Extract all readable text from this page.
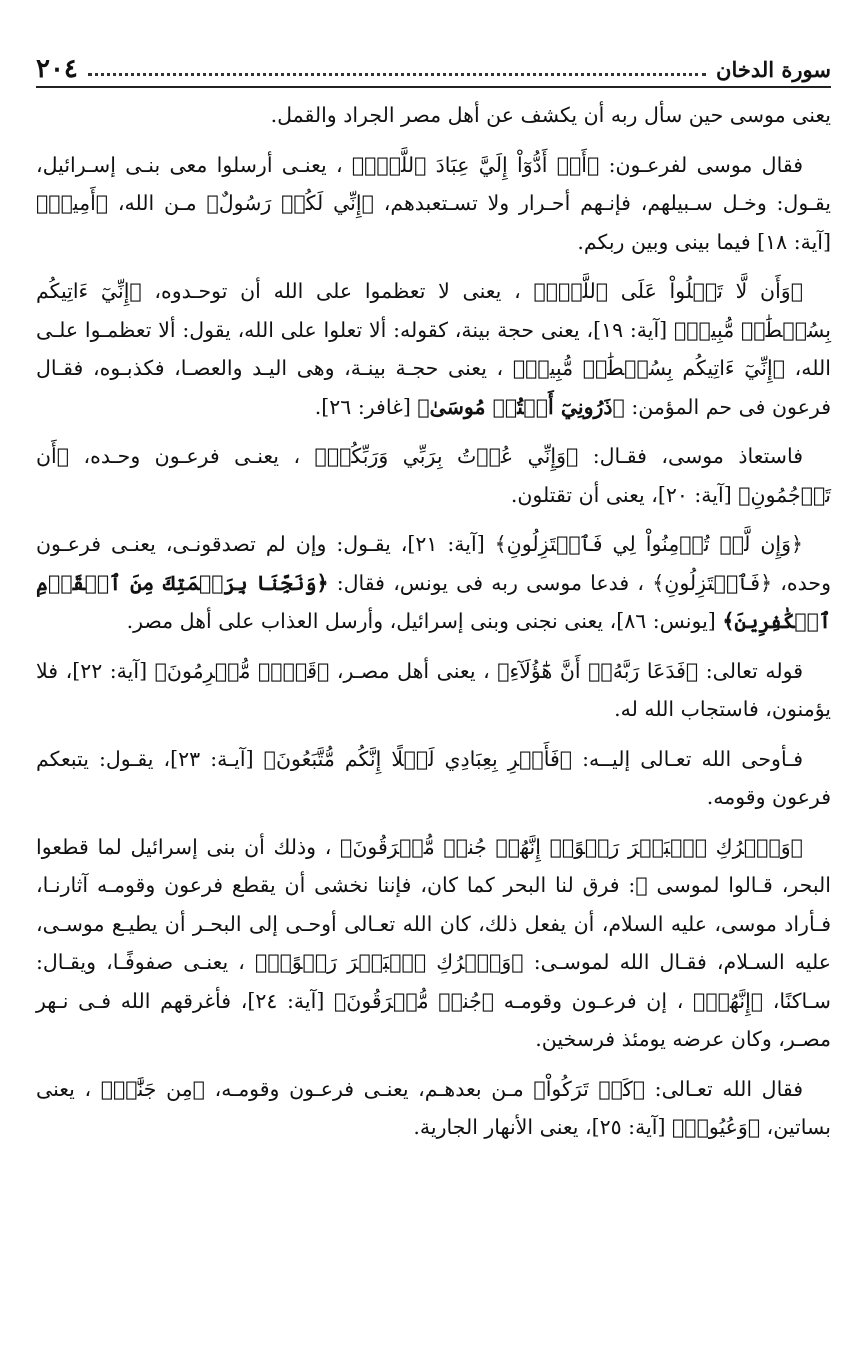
سورة الدخان
٢٠٤

يعنى موسى حين سأل ربه أن يكشف عن أهل مصر الجراد والقمل.

فقال موسى لفرعـون: ﴿أَنۡ أَدُّوٓاْ إِلَيَّ عِبَادَ ٱللَّهِۖ﴾ ، يعنـى أرسلوا معى بنـى إسـرائيل، يقـول: وخـل سـبيلهم، فإنـهم أحـرار ولا تسـتعبدهم، ﴿إِنِّي لَكُمۡ رَسُولٌ﴾ مـن الله، ﴿أَمِينٞ﴾ [آية: ١٨] فيما بينى وبين ربكم.

﴿وَأَن لَّا تَعۡلُواْ عَلَى ٱللَّهِۖ﴾ ، يعنى لا تعظموا على الله أن توحـدوه، ﴿إِنِّيٓ ءَاتِيكُم بِسُلۡطَٰنٖ مُّبِينٖ﴾ [آية: ١٩]، يعنى حجة بينة، كقوله: ألا تعلوا على الله، يقول: ألا تعظمـوا علـى الله، ﴿إِنِّيٓ ءَاتِيكُم بِسُلۡطَٰنٖ مُّبِينٖ﴾ ، يعنى حجـة بينـة، وهى اليـد والعصـا، فكذبـوه، فقـال فرعون فى حم المؤمن: ﴿ذَرُونِيٓ أَقۡتُلۡ مُوسَىٰ﴾ [غافر: ٢٦].

فاستعاذ موسى، فقـال: ﴿وَإِنِّي عُذۡتُ بِرَبِّي وَرَبِّكُمۡ﴾ ، يعنـى فرعـون وحـده، ﴿أَن تَرۡجُمُونِ﴾ [آية: ٢٠]، يعنى أن تقتلون.

﴿وَإِن لَّمۡ تُؤۡمِنُواْ لِي فَٱعۡتَزِلُونِ﴾ [آية: ٢١]، يقـول: وإن لم تصدقونـى، يعنـى فرعـون وحده، ﴿فَٱعۡتَزِلُونِ﴾ ، فدعا موسى ربه فى يونس، فقال: ﴿وَنَجِّنَا بِرَحۡمَتِكَ مِنَ ٱلۡقَوۡمِ ٱلۡكَٰفِرِينَ﴾ [يونس: ٨٦]، يعنى نجنى وبنى إسرائيل، وأرسل العذاب على أهل مصر.

قوله تعالى: ﴿فَدَعَا رَبَّهُۥٓ أَنَّ هَٰٓؤُلَآءِ﴾ ، يعنى أهل مصـر، ﴿قَوۡمٞ مُّجۡرِمُونَ﴾ [آية: ٢٢]، فلا يؤمنون، فاستجاب الله له.

فـأوحى الله تعـالى إليــه: ﴿فَأَسۡرِ بِعِبَادِي لَيۡلًا إِنَّكُم مُّتَّبَعُونَ﴾ [آيـة: ٢٣]، يقـول: يتبعكم فرعون وقومه.

﴿وَٱتۡرُكِ ٱلۡبَحۡرَ رَهۡوًاۖ إِنَّهُمۡ جُندٞ مُّغۡرَقُونَ﴾ ، وذلك أن بنى إسرائيل لما قطعوا البحر، قـالوا لموسى ﷺ: فرق لنا البحر كما كان، فإننا نخشى أن يقطع فرعون وقومـه آثارنـا، فـأراد موسى، عليه السلام، أن يفعل ذلك، كان الله تعـالى أوحـى إلى البحـر أن يطيـع موسـى، عليه السـلام، فقـال الله لموسـى: ﴿وَٱتۡرُكِ ٱلۡبَحۡرَ رَهۡوًاۖ﴾ ، يعنـى صفوفًـا، ويقـال: سـاكنًا، ﴿إِنَّهُمۡ﴾ ، إن فرعـون وقومـه ﴿جُندٞ مُّغۡرَقُونَ﴾ [آية: ٢٤]، فأغرقهم الله فـى نـهر مصـر، وكان عرضه يومئذ فرسخين.

فقال الله تعـالى: ﴿كَمۡ تَرَكُواْ﴾ مـن بعدهـم، يعنـى فرعـون وقومـه، ﴿مِن جَنَّٰتٖ﴾ ، يعنى بساتين، ﴿وَعُيُونٖ﴾ [آية: ٢٥]، يعنى الأنهار الجارية.
